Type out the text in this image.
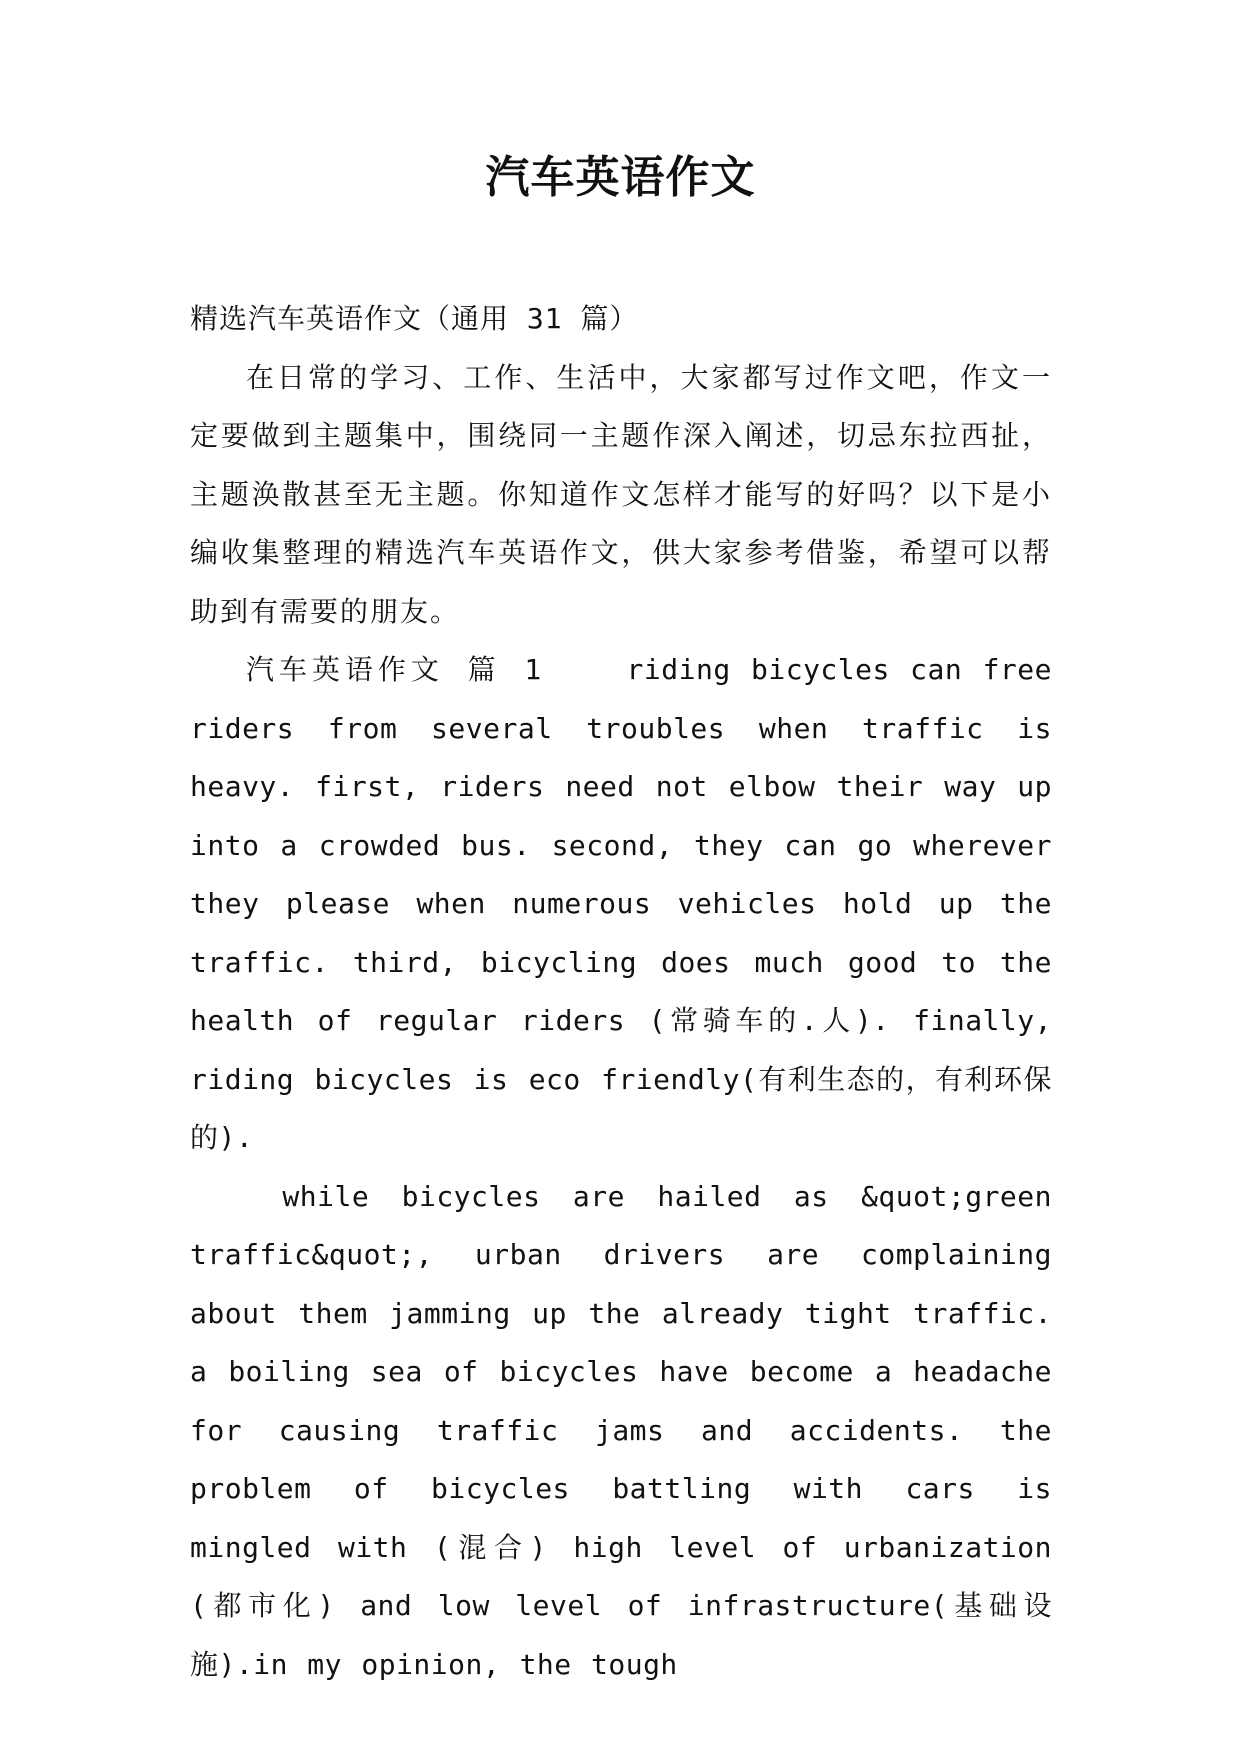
汽车英语作文

精选汽车英语作文（通用 31 篇）

在日常的学习、工作、生活中，大家都写过作文吧，作文一定要做到主题集中，围绕同一主题作深入阐述，切忌东拉西扯，主题涣散甚至无主题。你知道作文怎样才能写的好吗？以下是小编收集整理的精选汽车英语作文，供大家参考借鉴，希望可以帮助到有需要的朋友。

汽车英语作文 篇 1	riding bicycles can free riders from several troubles when traffic is heavy. first, riders need not elbow their way up into a crowded bus. second, they can go wherever they please when numerous vehicles hold up the traffic. third, bicycling does much good to the health of regular riders (常骑车的.人). finally, riding bicycles is eco friendly(有利生态的，有利环保的).

while bicycles are hailed as &quot;green traffic&quot;, urban drivers are complaining about them jamming up the already tight traffic. a boiling sea of bicycles have become a headache for causing traffic jams and accidents. the problem of bicycles battling with cars is mingled with (混合) high level of urbanization (都市化) and low level of infrastructure(基础设施).in my opinion, the tough
